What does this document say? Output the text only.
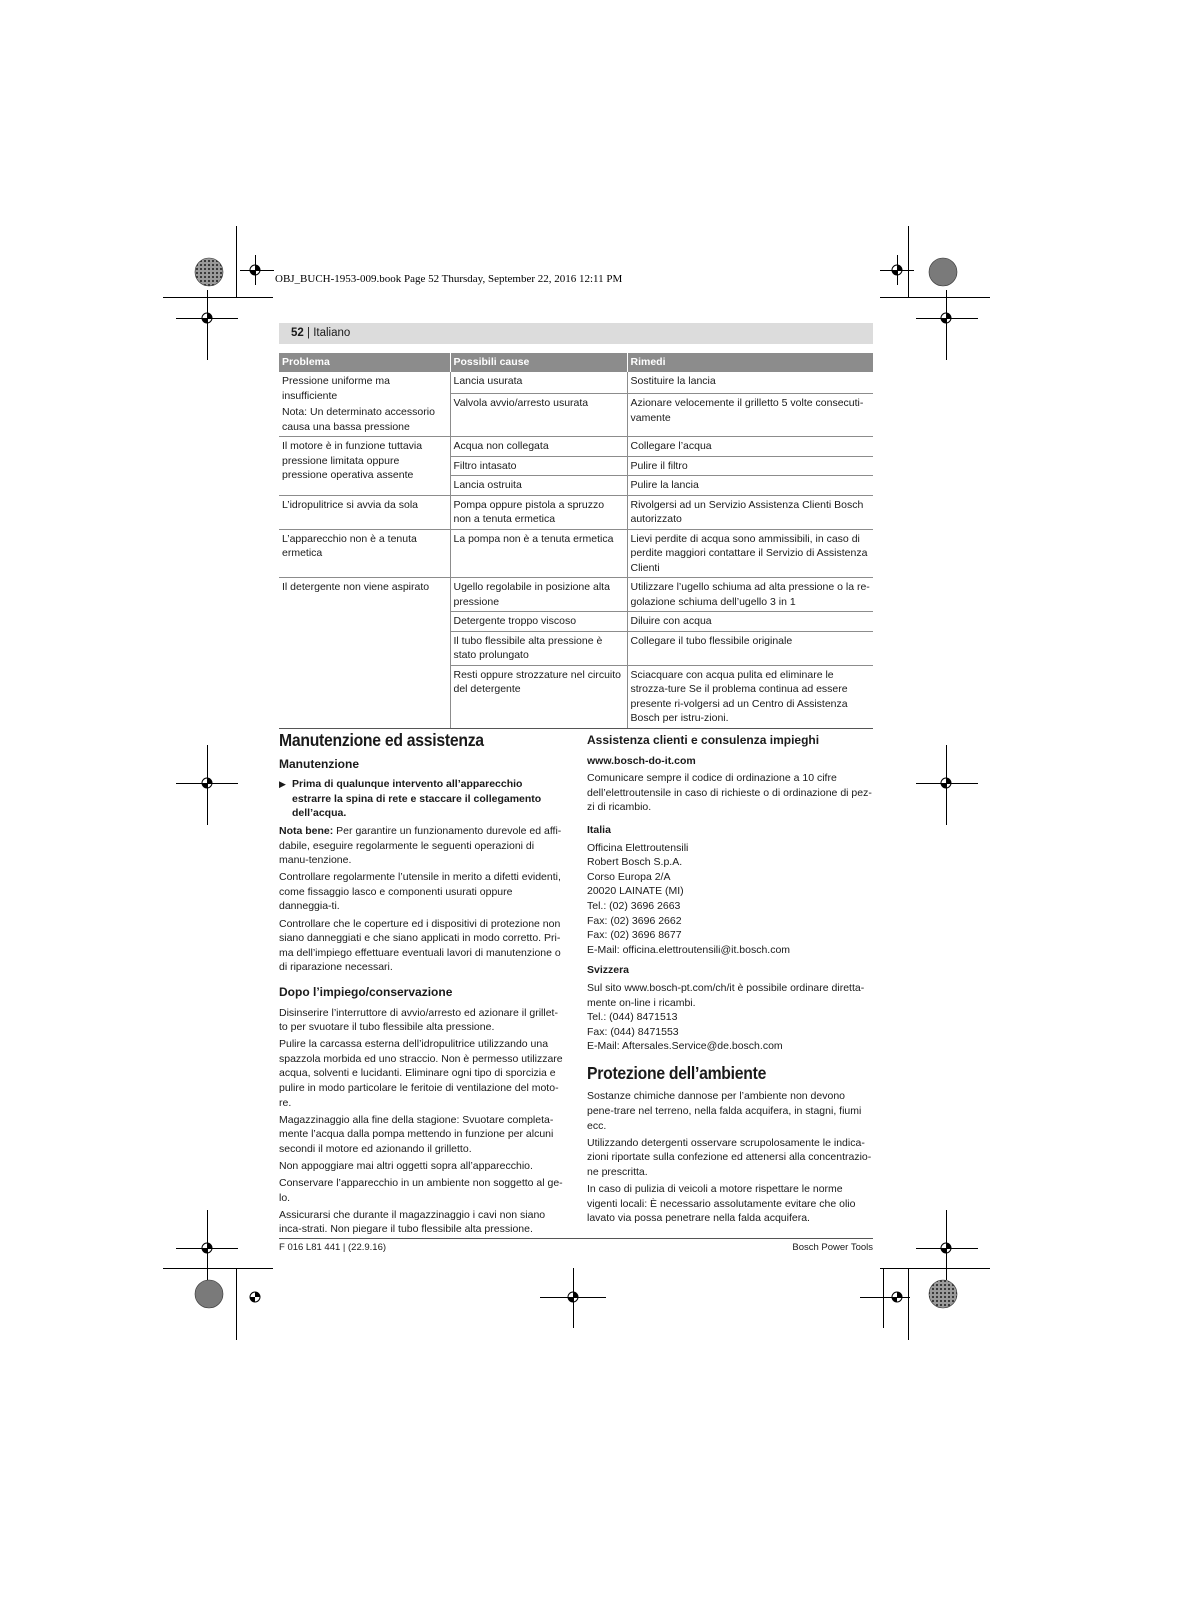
OBJ_BUCH-1953-009.book Page 52 Thursday, September 22, 2016 12:11 PM
52 | Italiano
Problema	Possibili cause	Rimedi

Pressione uniforme ma insufficiente
Nota: Un determinato accessorio causa una bassa pressione	Lancia usurata	Sostituire la lancia
	Valvola avvio/arresto usurata	Azionare velocemente il grilletto 5 volte consecuti-vamente
Il motore è in funzione tuttavia pressione limitata oppure pressione operativa assente	Acqua non collegata	Collegare l’acqua
	Filtro intasato	Pulire il filtro
	Lancia ostruita	Pulire la lancia
L’idropulitrice si avvia da sola	Pompa oppure pistola a spruzzo non a tenuta ermetica	Rivolgersi ad un Servizio Assistenza Clienti Bosch autorizzato
L’apparecchio non è a tenuta ermetica	La pompa non è a tenuta ermetica	Lievi perdite di acqua sono ammissibili, in caso di perdite maggiori contattare il Servizio di Assistenza Clienti
Il detergente non viene aspirato	Ugello regolabile in posizione alta pressione	Utilizzare l’ugello schiuma ad alta pressione o la re-golazione schiuma dell’ugello 3 in 1
	Detergente troppo viscoso	Diluire con acqua
	Il tubo flessibile alta pressione è stato prolungato	Collegare il tubo flessibile originale
	Resti oppure strozzature nel circuito del detergente	Sciacquare con acqua pulita ed eliminare le strozza-ture Se il problema continua ad essere presente ri-volgersi ad un Centro di Assistenza Bosch per istru-zioni.
Manutenzione ed assistenza
Manutenzione
▶ Prima di qualunque intervento all’apparecchio estrarre la spina di rete e staccare il collegamento dell’acqua.

Nota bene: Per garantire un funzionamento durevole ed affi-dabile, eseguire regolarmente le seguenti operazioni di manu-tenzione.

Controllare regolarmente l’utensile in merito a difetti evidenti, come fissaggio lasco e componenti usurati oppure danneggia-ti.

Controllare che le coperture ed i dispositivi di protezione non siano danneggiati e che siano applicati in modo corretto. Pri-ma dell’impiego effettuare eventuali lavori di manutenzione o di riparazione necessari.

Dopo l’impiego/conservazione

Disinserire l’interruttore di avvio/arresto ed azionare il grillet-to per svuotare il tubo flessibile alta pressione.

Pulire la carcassa esterna dell’idropulitrice utilizzando una spazzola morbida ed uno straccio. Non è permesso utilizzare acqua, solventi e lucidanti. Eliminare ogni tipo di sporcizia e pulire in modo particolare le feritoie di ventilazione del moto-re.

Magazzinaggio alla fine della stagione: Svuotare completa-mente l’acqua dalla pompa mettendo in funzione per alcuni secondi il motore ed azionando il grilletto.

Non appoggiare mai altri oggetti sopra all’apparecchio.

Conservare l’apparecchio in un ambiente non soggetto al ge-lo.

Assicurarsi che durante il magazzinaggio i cavi non siano inca-strati. Non piegare il tubo flessibile alta pressione.

Assistenza clienti e consulenza impieghi
www.bosch-do-it.com

Comunicare sempre il codice di ordinazione a 10 cifre dell’elettroutensile in caso di richieste o di ordinazione di pez-zi di ricambio.

Italia
Officina Elettroutensili
Robert Bosch S.p.A.
Corso Europa 2/A
20020 LAINATE (MI)
Tel.: (02) 3696 2663
Fax: (02) 3696 2662
Fax: (02) 3696 8677
E-Mail: officina.elettroutensili@it.bosch.com
Svizzera

Sul sito www.bosch-pt.com/ch/it è possibile ordinare diretta-mente on-line i ricambi.

Tel.: (044) 8471513
Fax: (044) 8471553
E-Mail: Aftersales.Service@de.bosch.com
Protezione dell’ambiente

Sostanze chimiche dannose per l’ambiente non devono pene-trare nel terreno, nella falda acquifera, in stagni, fiumi ecc.

Utilizzando detergenti osservare scrupolosamente le indica-zioni riportate sulla confezione ed attenersi alla concentrazio-ne prescritta.

In caso di pulizia di veicoli a motore rispettare le norme vigenti locali: È necessario assolutamente evitare che olio lavato via possa penetrare nella falda acquifera.

F 016 L81 441 | (22.9.16)	Bosch Power Tools
